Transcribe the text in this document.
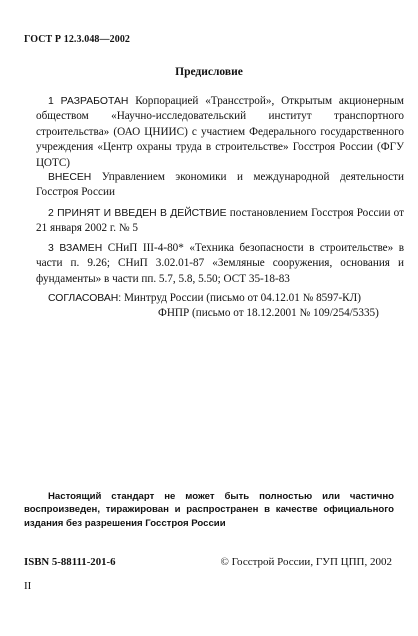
ГОСТ Р 12.3.048—2002
Предисловие

1 РАЗРАБОТАН Корпорацией «Трансстрой», Открытым акционерным обществом «Научно-исследовательский институт транспортного строительства» (ОАО ЦНИИС) с участием Федерального государственного учреждения «Центр охраны труда в строительстве» Госстроя России (ФГУ ЦОТС)

ВНЕСЕН Управлением экономики и международной деятельности Госстроя России

2 ПРИНЯТ И ВВЕДЕН В ДЕЙСТВИЕ постановлением Госстроя России от 21 января 2002 г. № 5

3 ВЗАМЕН СНиП III-4-80* «Техника безопасности в строительстве» в части п. 9.26; СНиП 3.02.01-87 «Земляные сооружения, основания и фундаменты» в части пп. 5.7, 5.8, 5.50; ОСТ 35-18-83

СОГЛАСОВАН: Минтруд России (письмо от 04.12.01 № 8597-КЛ)
ФНПР (письмо от 18.12.2001 № 109/254/5335)

Настоящий стандарт не может быть полностью или частично воспроизведен, тиражирован и распространен в качестве официального издания без разрешения Госстроя России

ISBN 5-88111-201-6	© Госстрой России, ГУП ЦПП, 2002
II
